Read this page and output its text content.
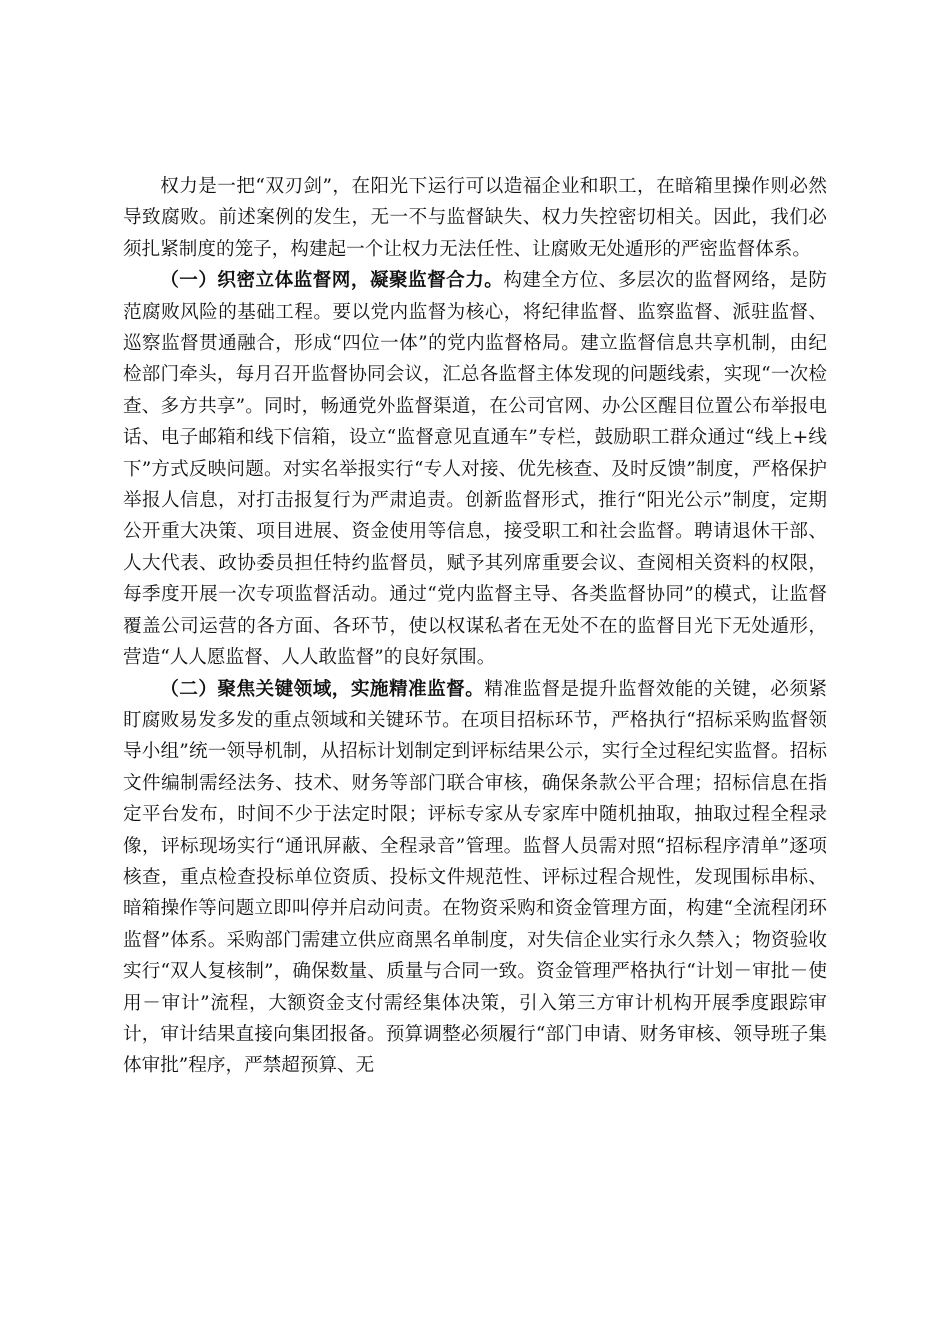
权力是一把“双刃剑”，在阳光下运行可以造福企业和职工，在暗箱里操作则必然导致腐败。前述案例的发生，无一不与监督缺失、权力失控密切相关。因此，我们必须扎紧制度的笼子，构建起一个让权力无法任性、让腐败无处遁形的严密监督体系。

（一）织密立体监督网，凝聚监督合力。构建全方位、多层次的监督网络，是防范腐败风险的基础工程。要以党内监督为核心，将纪律监督、监察监督、派驻监督、巡察监督贯通融合，形成“四位一体”的党内监督格局。建立监督信息共享机制，由纪检部门牵头，每月召开监督协同会议，汇总各监督主体发现的问题线索，实现“一次检查、多方共享”。同时，畅通党外监督渠道，在公司官网、办公区醒目位置公布举报电话、电子邮箱和线下信箱，设立“监督意见直通车”专栏，鼓励职工群众通过“线上+线下”方式反映问题。对实名举报实行“专人对接、优先核查、及时反馈”制度，严格保护举报人信息，对打击报复行为严肃追责。创新监督形式，推行“阳光公示”制度，定期公开重大决策、项目进展、资金使用等信息，接受职工和社会监督。聘请退休干部、人大代表、政协委员担任特约监督员，赋予其列席重要会议、查阅相关资料的权限，每季度开展一次专项监督活动。通过“党内监督主导、各类监督协同”的模式，让监督覆盖公司运营的各方面、各环节，使以权谋私者在无处不在的监督目光下无处遁形，营造“人人愿监督、人人敢监督”的良好氛围。

（二）聚焦关键领域，实施精准监督。精准监督是提升监督效能的关键，必须紧盯腐败易发多发的重点领域和关键环节。在项目招标环节，严格执行“招标采购监督领导小组”统一领导机制，从招标计划制定到评标结果公示，实行全过程纪实监督。招标文件编制需经法务、技术、财务等部门联合审核，确保条款公平合理；招标信息在指定平台发布，时间不少于法定时限；评标专家从专家库中随机抽取，抽取过程全程录像，评标现场实行“通讯屏蔽、全程录音”管理。监督人员需对照“招标程序清单”逐项核查，重点检查投标单位资质、投标文件规范性、评标过程合规性，发现围标串标、暗箱操作等问题立即叫停并启动问责。在物资采购和资金管理方面，构建“全流程闭环监督”体系。采购部门需建立供应商黑名单制度，对失信企业实行永久禁入；物资验收实行“双人复核制”，确保数量、质量与合同一致。资金管理严格执行“计划－审批－使用－审计”流程，大额资金支付需经集体决策，引入第三方审计机构开展季度跟踪审计，审计结果直接向集团报备。预算调整必须履行“部门申请、财务审核、领导班子集体审批”程序，严禁超预算、无
